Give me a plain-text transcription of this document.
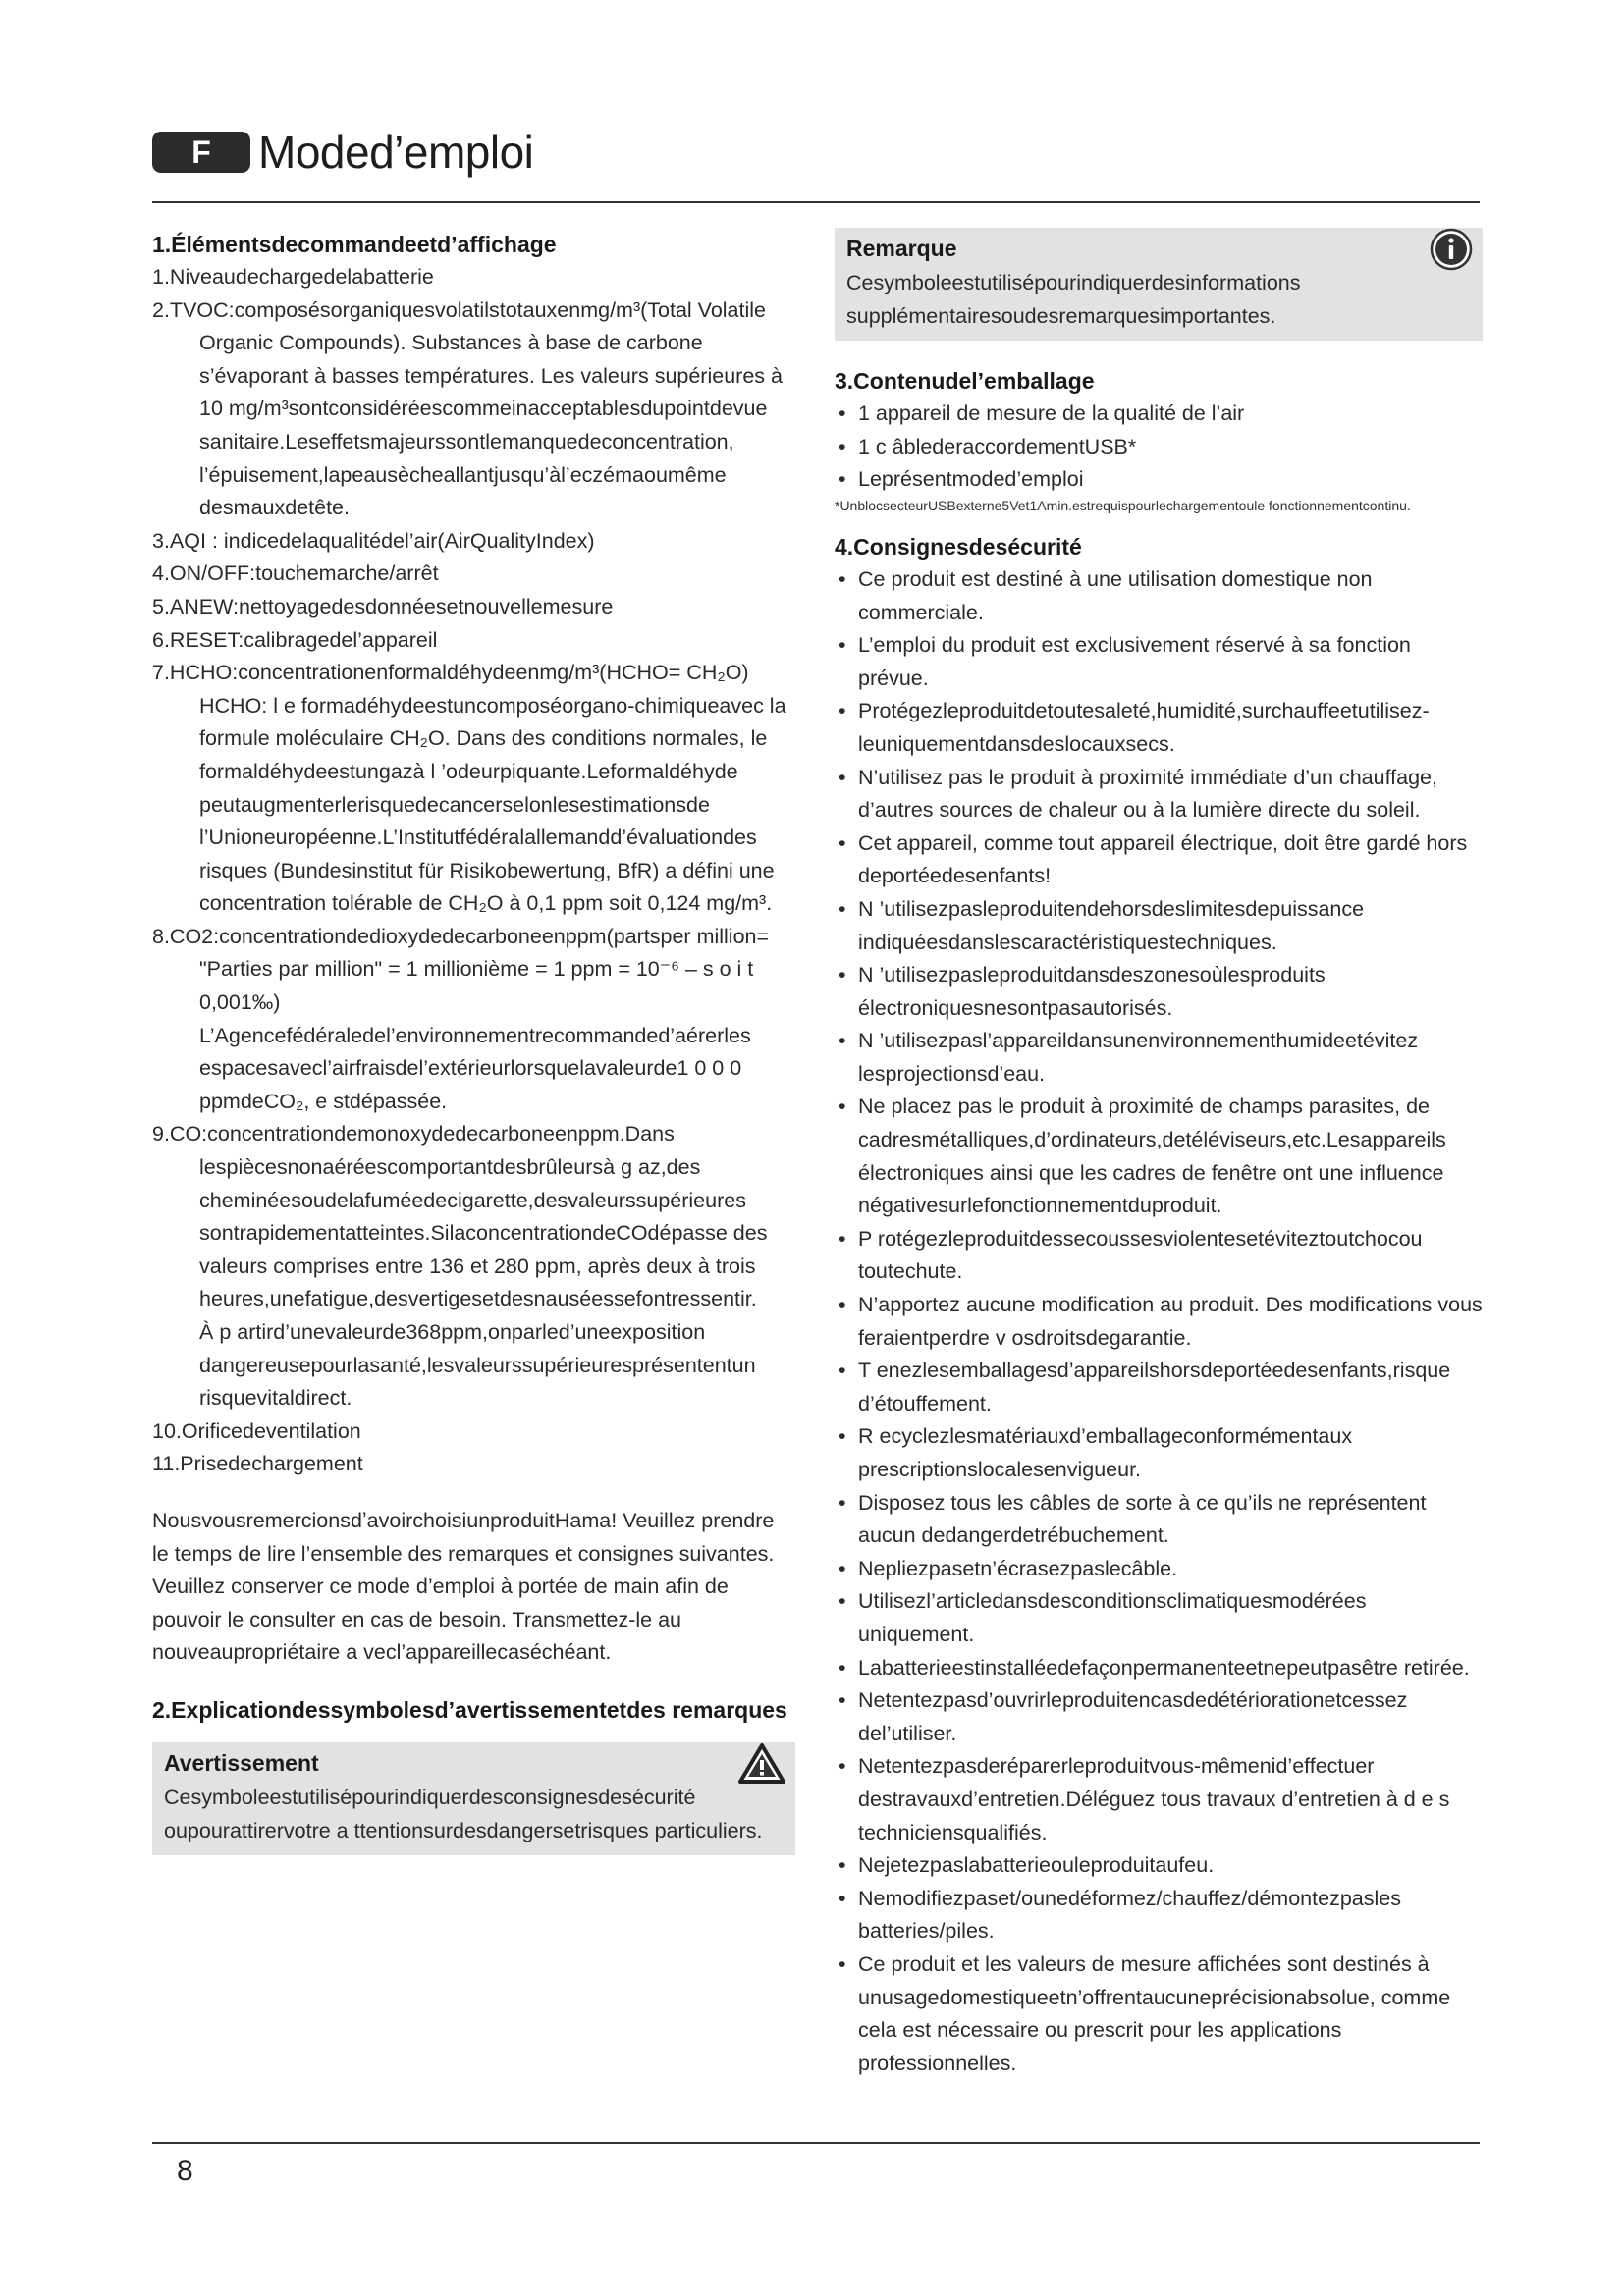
F	Moded’emploi
1.Élémentsdecommandeetd’affichage

1.Niveaudechargedelabatterie

2.TVOC:composésorganiquesvolatilstotauxenmg/m³(Total Volatile Organic Compounds). Substances à base de carbone s’évaporant à basses températures. Les valeurs supérieures à 10 mg/m³sontconsidéréescommeinacceptablesdupointdevue sanitaire.Leseffetsmajeurssontlemanquedeconcentration, l’épuisement,lapeausècheallantjusqu’àl’eczémaoumême desmauxdetête.

3.AQI : indicedelaqualitédel’air(AirQualityIndex)

4.ON/OFF:touchemarche/arrêt

5.ANEW:nettoyagedesdonnéesetnouvellemesure

6.RESET:calibragedel’appareil

7.HCHO:concentrationenformaldéhydeenmg/m³(HCHO= CH₂O)

HCHO: l e formadéhydeestuncomposéorgano-chimiqueavec la formule moléculaire CH₂O. Dans des conditions normales, le formaldéhydeestungazà l ’odeurpiquante.Leformaldéhyde peutaugmenterlerisquedecancerselonlesestimationsde l’Unioneuropéenne.L’Institutfédéralallemandd’évaluationdes risques (Bundesinstitut für Risikobewertung, BfR) a défini une concentration tolérable de CH₂O à 0,1 ppm soit 0,124 mg/m³.

8.CO2:concentrationdedioxydedecarboneenppm(partsper million=

"Parties par million" = 1 millionième = 1 ppm = 10⁻⁶ – s o i t 0,001‰)

L’Agencefédéraledel’environnementrecommanded’aérerles espacesavecl’airfraisdel’extérieurlorsquelavaleurde1 0 0 0 ppmdeCO₂, e stdépassée.

9.CO:concentrationdemonoxydedecarboneenppm.Dans lespiècesnonaéréescomportantdesbrûleursà g az,des cheminéesoudelafuméedecigarette,desvaleurssupérieures sontrapidementatteintes.SilaconcentrationdeCOdépasse des valeurs comprises entre 136 et 280 ppm, après deux à trois heures,unefatigue,desvertigesetdesnauséessefontressentir.

À p artird’unevaleurde368ppm,onparled’uneexposition dangereusepourlasanté,lesvaleurssupérieuresprésententun risquevitaldirect.

10.Orificedeventilation

11.Prisedechargement

NousvousremercionsdʼavoirchoisiunproduitHama! Veuillez prendre le temps de lire l’ensemble des remarques et consignes suivantes. Veuillez conserver ce mode d’emploi à portée de main afin de pouvoir le consulter en cas de besoin. Transmettez-le au nouveaupropriétaire a vecl’appareillecaséchéant.

2.Explicationdessymbolesd’avertissementetdes remarques
Avertissement
Cesymboleestutilisépourindiquerdesconsignesdesécurité oupourattirervotre a ttentionsurdesdangersetrisques particuliers.
Remarque
Cesymboleestutilisépourindiquerdesinformations supplémentairesoudesremarquesimportantes.
3.Contenudel’emballage
• 1 appareil de mesure de la qualité de l’air
• 1 c âblederaccordementUSB*
• Leprésentmoded’emploi

*UnblocsecteurUSBexterne5Vet1Amin.estrequispourlechargementoule fonctionnementcontinu.

4.Consignesdesécurité
• Ce produit est destiné à une utilisation domestique non commerciale.
• L’emploi du produit est exclusivement réservé à sa fonction prévue.
• Protégezleproduitdetoutesaleté,humidité,surchauffeetutilisez- leuniquementdansdeslocauxsecs.
• N’utilisez pas le produit à proximité immédiate d’un chauffage, d’autres sources de chaleur ou à la lumière directe du soleil.
• Cet appareil, comme tout appareil électrique, doit être gardé hors deportéedesenfants!
• N ’utilisezpasleproduitendehorsdeslimitesdepuissance indiquéesdanslescaractéristiquestechniques.
• N ’utilisezpasleproduitdansdeszonesoùlesproduits électroniquesnesontpasautorisés.
• N ’utilisezpasl’appareildansunenvironnementhumideetévitez lesprojectionsd’eau.
• Ne placez pas le produit à proximité de champs parasites, de cadresmétalliques,d’ordinateurs,detéléviseurs,etc.Lesappareils électroniques ainsi que les cadres de fenêtre ont une influence négativesurlefonctionnementduproduit.
• P rotégezleproduitdessecoussesviolentesetéviteztoutchocou toutechute.
• N’apportez aucune modification au produit. Des modifications vous feraientperdre v osdroitsdegarantie.
• T enezlesemballagesd’appareilshorsdeportéedesenfants,risque d’étouffement.
• R ecyclezlesmatériauxd’emballageconformémentaux prescriptionslocalesenvigueur.
• Disposez tous les câbles de sorte à ce qu’ils ne représentent aucun dedangerdetrébuchement.
• Nepliezpasetn’écrasezpaslecâble.
• Utilisezl’articledansdesconditionsclimatiquesmodérées uniquement.
• Labatterieestinstalléedefaçonpermanenteetnepeutpasêtre retirée.
• Netentezpasd’ouvrirleproduitencasdedétériorationetcessez del’utiliser.
• Netentezpasderéparerleproduitvous-mêmenid’effectuer destravauxd’entretien.Déléguez tous travaux d’entretien à d e s techniciensqualifiés.
• Nejetezpaslabatterieouleproduitaufeu.
• Nemodifiezpaset/ounedéformez/chauffez/démontezpasles batteries/piles.
• Ce produit et les valeurs de mesure affichées sont destinés à unusagedomestiqueetn’offrentaucuneprécisionabsolue, comme cela est nécessaire ou prescrit pour les applications professionnelles.
8
